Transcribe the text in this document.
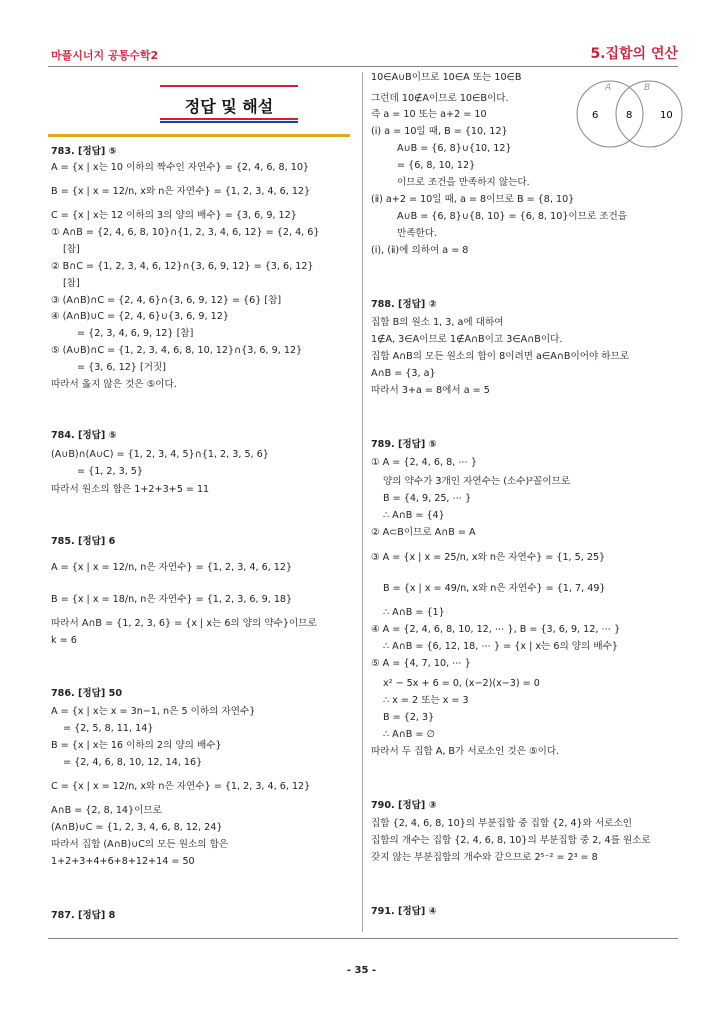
마플시너지 공통수학2	5.집합의 연산
정답 및 해설
783. [정답] ⑤
A = {x | x는 10 이하의 짝수인 자연수} = {2, 4, 6, 8, 10}
B = {x | x = 12/n, x와 n은 자연수} = {1, 2, 3, 4, 6, 12}
C = {x | x는 12 이하의 3의 양의 배수} = {3, 6, 9, 12}
① A∩B = {2, 4, 6, 8, 10}∩{1, 2, 3, 4, 6, 12} = {2, 4, 6}
[참]
② B∩C = {1, 2, 3, 4, 6, 12}∩{3, 6, 9, 12} = {3, 6, 12}
[참]
③ (A∩B)∩C = {2, 4, 6}∩{3, 6, 9, 12} = {6} [참]
④ (A∩B)∪C = {2, 4, 6}∪{3, 6, 9, 12}
= {2, 3, 4, 6, 9, 12} [참]
⑤ (A∪B)∩C = {1, 2, 3, 4, 6, 8, 10, 12}∩{3, 6, 9, 12}
= {3, 6, 12} [거짓]
따라서 옳지 않은 것은 ⑤이다.
784. [정답] ⑤
(A∪B)∩(A∪C) = {1, 2, 3, 4, 5}∩{1, 2, 3, 5, 6}
= {1, 2, 3, 5}
따라서 원소의 합은 1+2+3+5 = 11
785. [정답] 6
A = {x | x = 12/n, n은 자연수} = {1, 2, 3, 4, 6, 12}
B = {x | x = 18/n, n은 자연수} = {1, 2, 3, 6, 9, 18}
따라서 A∩B = {1, 2, 3, 6} = {x | x는 6의 양의 약수}이므로
k = 6
786. [정답] 50
A = {x | x는 x = 3n−1, n은 5 이하의 자연수}
= {2, 5, 8, 11, 14}
B = {x | x는 16 이하의 2의 양의 배수}
= {2, 4, 6, 8, 10, 12, 14, 16}
C = {x | x = 12/n, x와 n은 자연수} = {1, 2, 3, 4, 6, 12}
A∩B = {2, 8, 14}이므로
(A∩B)∪C = {1, 2, 3, 4, 6, 8, 12, 24}
따라서 집합 (A∩B)∪C의 모든 원소의 합은
1+2+3+4+6+8+12+14 = 50
787. [정답] 8
10∈A∪B이므로 10∈A 또는 10∈B
그런데 10∉A이므로 10∈B이다.
즉 a = 10 또는 a+2 = 10
(ⅰ) a = 10일 때, B = {10, 12}
A∪B = {6, 8}∪{10, 12}
= {6, 8, 10, 12}
이므로 조건을 만족하지 않는다.
(ⅱ) a+2 = 10일 때, a = 8이므로 B = {8, 10}
A∪B = {6, 8}∪{8, 10} = {6, 8, 10}이므로 조건을
만족한다.
(ⅰ), (ⅱ)에 의하여 a = 8
788. [정답] ②
집합 B의 원소 1, 3, a에 대하여
1∉A, 3∈A이므로 1∉A∩B이고 3∈A∩B이다.
집합 A∩B의 모든 원소의 합이 8이려면 a∈A∩B이어야 하므로
A∩B = {3, a}
따라서 3+a = 8에서 a = 5
789. [정답] ⑤
① A = {2, 4, 6, 8, ⋯ }
양의 약수가 3개인 자연수는 (소수)²꼴이므로
B = {4, 9, 25, ⋯ }
∴ A∩B = {4}
② A⊂B이므로 A∩B = A
③ A = {x | x = 25/n, x와 n은 자연수} = {1, 5, 25}
B = {x | x = 49/n, x와 n은 자연수} = {1, 7, 49}
∴ A∩B = {1}
④ A = {2, 4, 6, 8, 10, 12, ⋯ }, B = {3, 6, 9, 12, ⋯ }
∴ A∩B = {6, 12, 18, ⋯ } = {x | x는 6의 양의 배수}
⑤ A = {4, 7, 10, ⋯ }
x² − 5x + 6 = 0, (x−2)(x−3) = 0
∴ x = 2 또는 x = 3
B = {2, 3}
∴ A∩B = ∅
따라서 두 집합 A, B가 서로소인 것은 ⑤이다.
790. [정답] ③
집합 {2, 4, 6, 8, 10}의 부분집합 중 집합 {2, 4}와 서로소인
집합의 개수는 집합 {2, 4, 6, 8, 10}의 부분집합 중 2, 4를 원소로
갖지 않는 부분집합의 개수와 같으므로 2⁵⁻² = 2³ = 8
791. [정답] ④
A	B
6	8	10
- 35 -
